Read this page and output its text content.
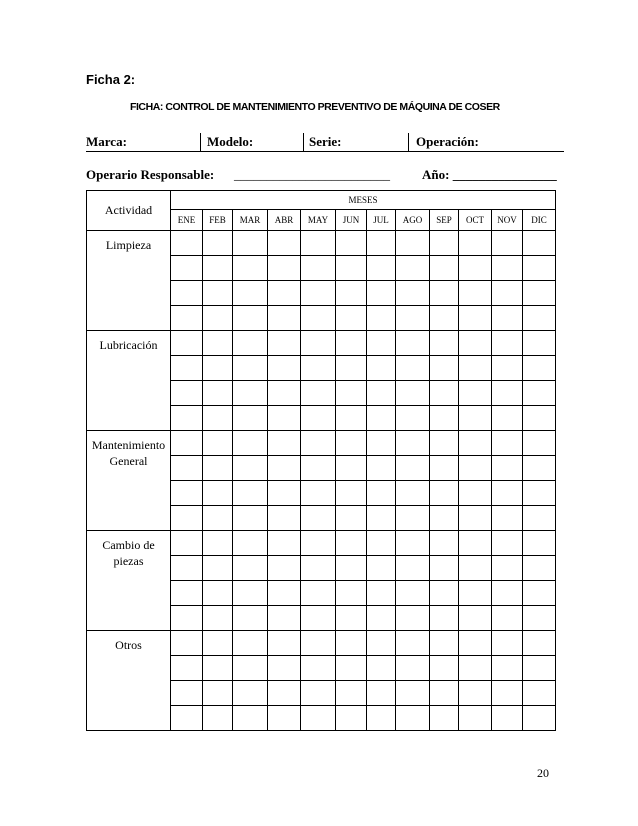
Ficha 2:
FICHA: CONTROL DE MANTENIMIENTO PREVENTIVO DE MÁQUINA DE COSER
Marca:	Modelo:	Serie:	Operación:
Operario Responsable: ________________________ Año: ________________
Actividad	MESES											
	ENE	FEB	MAR	ABR	MAY	JUN	JUL	AGO	SEP	OCT	NOV	DIC
Limpieza												

Lubricación												

Mantenimiento
General												

Cambio de
piezas												

Otros												

20
